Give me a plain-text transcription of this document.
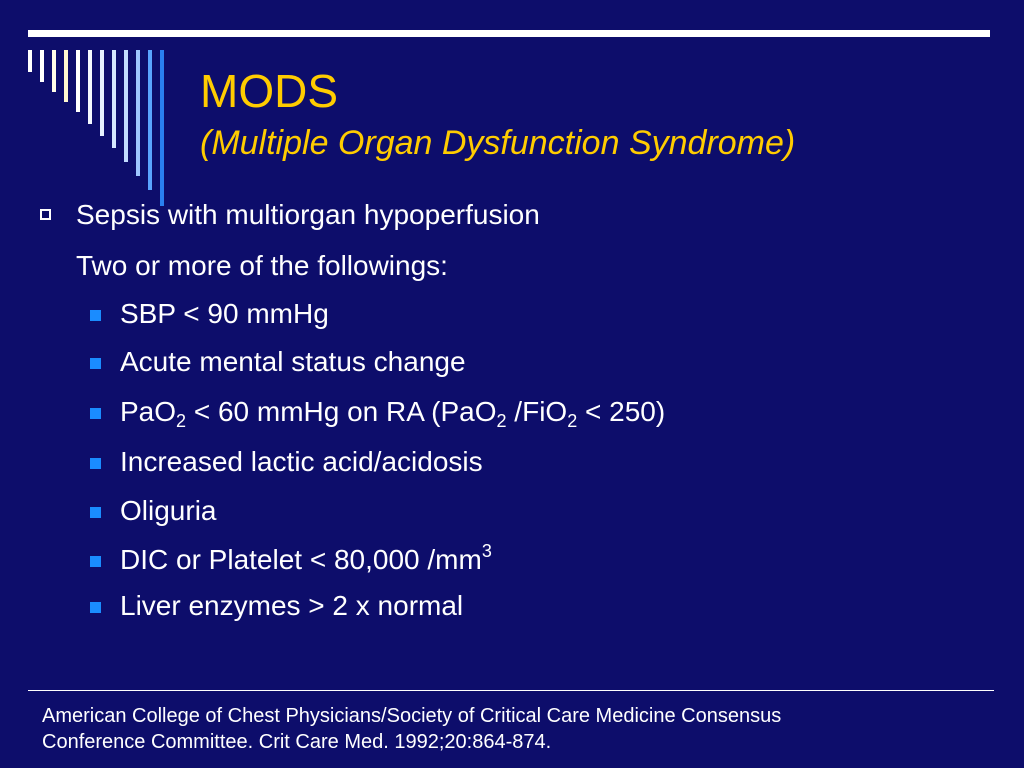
MODS
(Multiple Organ Dysfunction Syndrome)
Sepsis with multiorgan hypoperfusion
Two or more of the followings:
SBP < 90 mmHg
Acute mental status change
PaO$_2$ < 60 mmHg on RA (PaO$_2$ /FiO$_2$ < 250)
Increased lactic acid/acidosis
Oliguria
DIC or Platelet < 80,000 $/mm^3$
Liver enzymes > 2 x normal
American College of Chest Physicians/Society of Critical Care Medicine Consensus
Conference Committee. Crit Care Med. 1992;20:864-874.
